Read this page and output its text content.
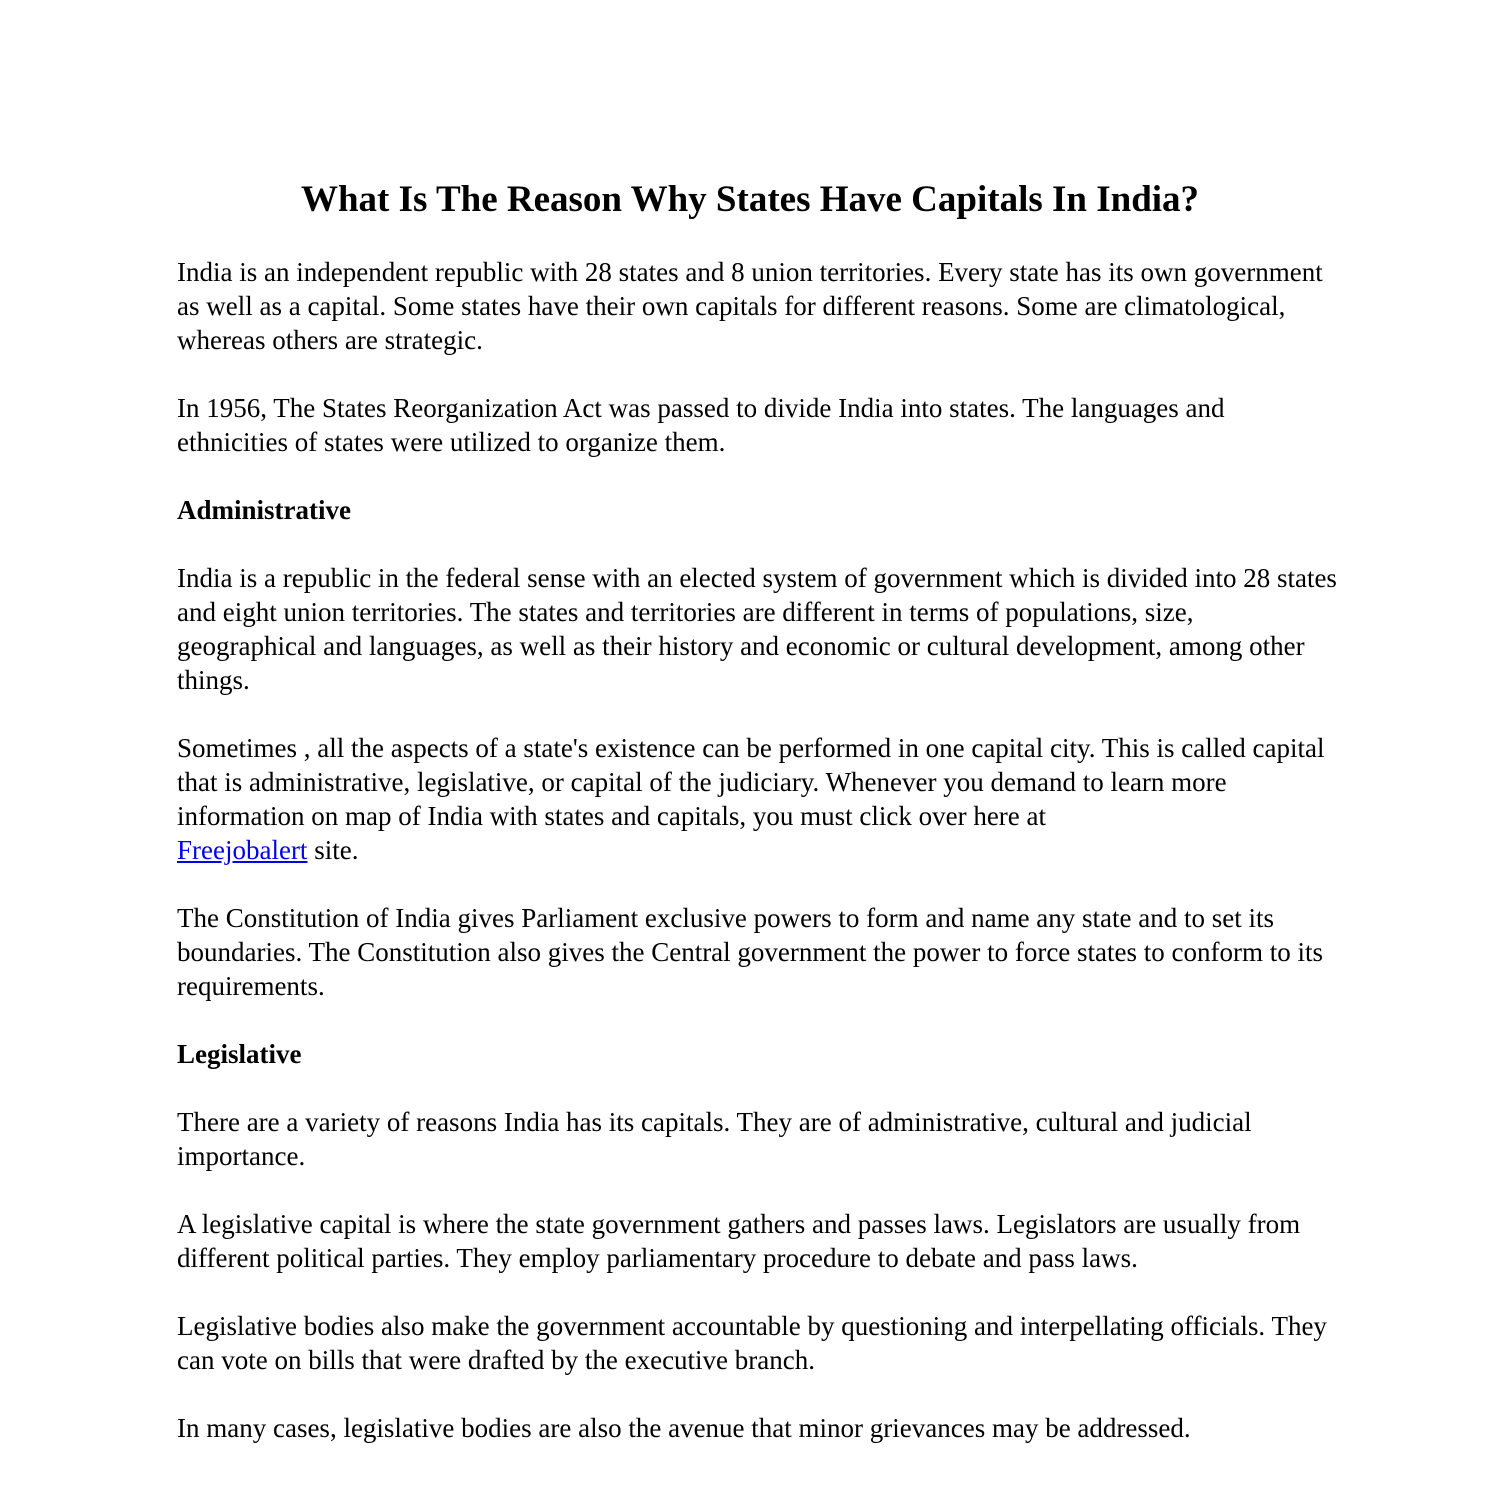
What Is The Reason Why States Have Capitals In India?

India is an independent republic with 28 states and 8 union territories. Every state has its own government as well as a capital. Some states have their own capitals for different reasons. Some are climatological, whereas others are strategic.

In 1956, The States Reorganization Act was passed to divide India into states. The languages and ethnicities of states were utilized to organize them.

Administrative

India is a republic in the federal sense with an elected system of government which is divided into 28 states and eight union territories. The states and territories are different in terms of populations, size, geographical and languages, as well as their history and economic or cultural development, among other things.

Sometimes , all the aspects of a state's existence can be performed in one capital city. This is called capital that is administrative, legislative, or capital of the judiciary. Whenever you demand to learn more information on map of India with states and capitals, you must click over here at
Freejobalert site.

The Constitution of India gives Parliament exclusive powers to form and name any state and to set its boundaries. The Constitution also gives the Central government the power to force states to conform to its requirements.

Legislative

There are a variety of reasons India has its capitals. They are of administrative, cultural and judicial importance.

A legislative capital is where the state government gathers and passes laws. Legislators are usually from different political parties. They employ parliamentary procedure to debate and pass laws.

Legislative bodies also make the government accountable by questioning and interpellating officials. They can vote on bills that were drafted by the executive branch.

In many cases, legislative bodies are also the avenue that minor grievances may be addressed.
